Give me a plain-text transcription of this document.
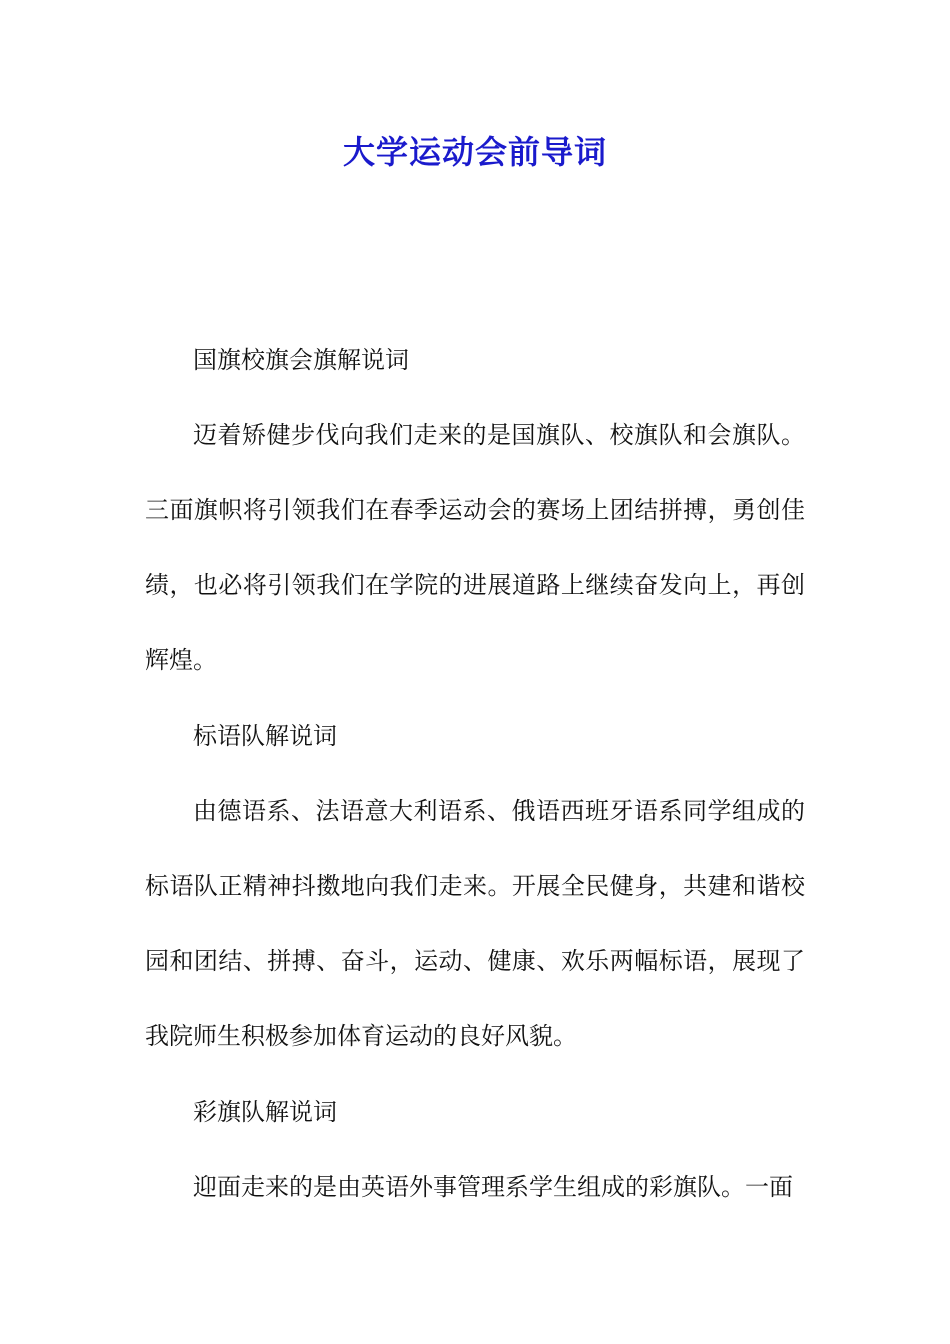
大学运动会前导词

国旗校旗会旗解说词

迈着矫健步伐向我们走来的是国旗队、校旗队和会旗队。三面旗帜将引领我们在春季运动会的赛场上团结拼搏，勇创佳绩，也必将引领我们在学院的进展道路上继续奋发向上，再创辉煌。

标语队解说词

由德语系、法语意大利语系、俄语西班牙语系同学组成的标语队正精神抖擞地向我们走来。开展全民健身，共建和谐校园和团结、拼搏、奋斗，运动、健康、欢乐两幅标语，展现了我院师生积极参加体育运动的良好风貌。

彩旗队解说词

迎面走来的是由英语外事管理系学生组成的彩旗队。一面
